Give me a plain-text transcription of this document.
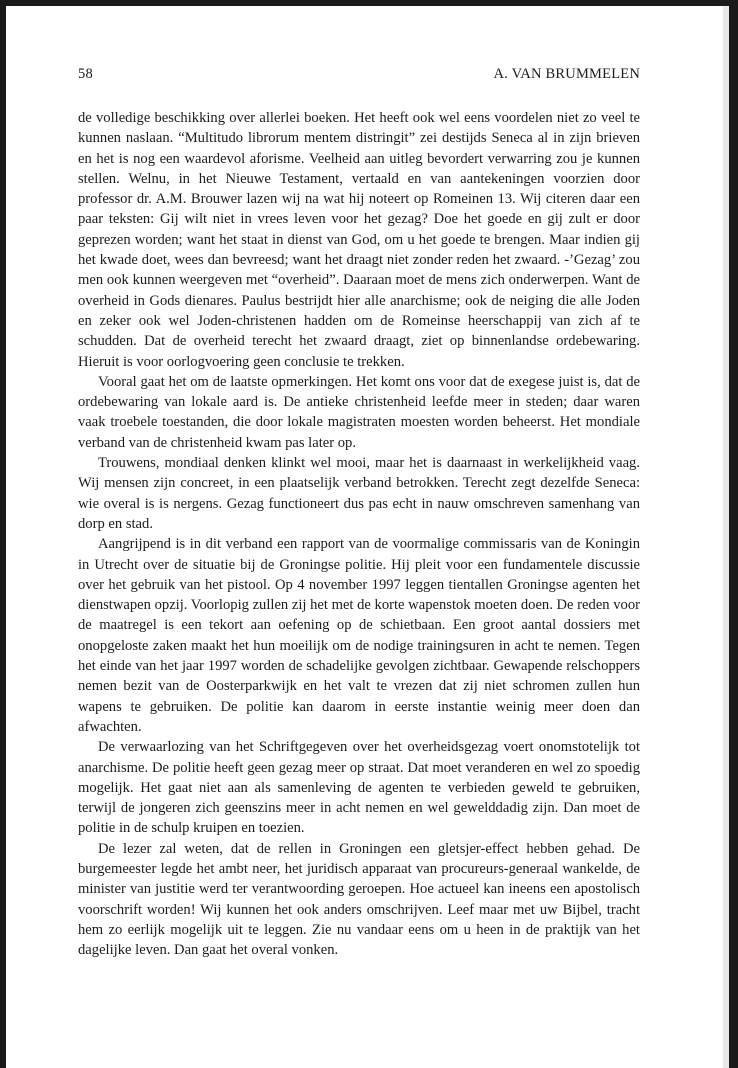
58	A. VAN BRUMMELEN

de volledige beschikking over allerlei boeken. Het heeft ook wel eens voordelen niet zo veel te kunnen naslaan. “Multitudo librorum mentem distringit” zei destijds Seneca al in zijn brieven en het is nog een waardevol aforisme. Veelheid aan uitleg bevordert verwarring zou je kunnen stellen. Welnu, in het Nieuwe Testament, vertaald en van aantekeningen voorzien door professor dr. A.M. Brouwer lazen wij na wat hij noteert op Romeinen 13. Wij citeren daar een paar teksten: Gij wilt niet in vrees leven voor het gezag? Doe het goede en gij zult er door geprezen worden; want het staat in dienst van God, om u het goede te brengen. Maar indien gij het kwade doet, wees dan bevreesd; want het draagt niet zonder reden het zwaard. -’Gezag’ zou men ook kunnen weergeven met “overheid”. Daaraan moet de mens zich onderwerpen. Want de overheid in Gods dienares. Paulus bestrijdt hier alle anarchisme; ook de neiging die alle Joden en zeker ook wel Joden-christenen hadden om de Romeinse heerschappij van zich af te schudden. Dat de overheid terecht het zwaard draagt, ziet op binnenlandse ordebewaring. Hieruit is voor oorlogvoering geen conclusie te trekken.

Vooral gaat het om de laatste opmerkingen. Het komt ons voor dat de exegese juist is, dat de ordebewaring van lokale aard is. De antieke christenheid leefde meer in steden; daar waren vaak troebele toestanden, die door lokale magistraten moesten worden beheerst. Het mondiale verband van de christenheid kwam pas later op.

Trouwens, mondiaal denken klinkt wel mooi, maar het is daarnaast in werkelijkheid vaag. Wij mensen zijn concreet, in een plaatselijk verband betrokken. Terecht zegt dezelfde Seneca: wie overal is is nergens. Gezag functioneert dus pas echt in nauw omschreven samenhang van dorp en stad.

Aangrijpend is in dit verband een rapport van de voormalige commissaris van de Koningin in Utrecht over de situatie bij de Groningse politie. Hij pleit voor een fundamentele discussie over het gebruik van het pistool. Op 4 november 1997 leggen tientallen Groningse agenten het dienstwapen opzij. Voorlopig zullen zij het met de korte wapenstok moeten doen. De reden voor de maatregel is een tekort aan oefening op de schietbaan. Een groot aantal dossiers met onopgeloste zaken maakt het hun moeilijk om de nodige trainingsuren in acht te nemen. Tegen het einde van het jaar 1997 worden de schadelijke gevolgen zichtbaar. Gewapende relschoppers nemen bezit van de Oosterparkwijk en het valt te vrezen dat zij niet schromen zullen hun wapens te gebruiken. De politie kan daarom in eerste instantie weinig meer doen dan afwachten.

De verwaarlozing van het Schriftgegeven over het overheidsgezag voert onomstotelijk tot anarchisme. De politie heeft geen gezag meer op straat. Dat moet veranderen en wel zo spoedig mogelijk. Het gaat niet aan als samenleving de agenten te verbieden geweld te gebruiken, terwijl de jongeren zich geenszins meer in acht nemen en wel gewelddadig zijn. Dan moet de politie in de schulp kruipen en toezien.

De lezer zal weten, dat de rellen in Groningen een gletsjer-effect hebben gehad. De burgemeester legde het ambt neer, het juridisch apparaat van procureurs-generaal wankelde, de minister van justitie werd ter verantwoording geroepen. Hoe actueel kan ineens een apostolisch voorschrift worden! Wij kunnen het ook anders omschrijven. Leef maar met uw Bijbel, tracht hem zo eerlijk mogelijk uit te leggen. Zie nu vandaar eens om u heen in de praktijk van het dagelijke leven. Dan gaat het overal vonken.
